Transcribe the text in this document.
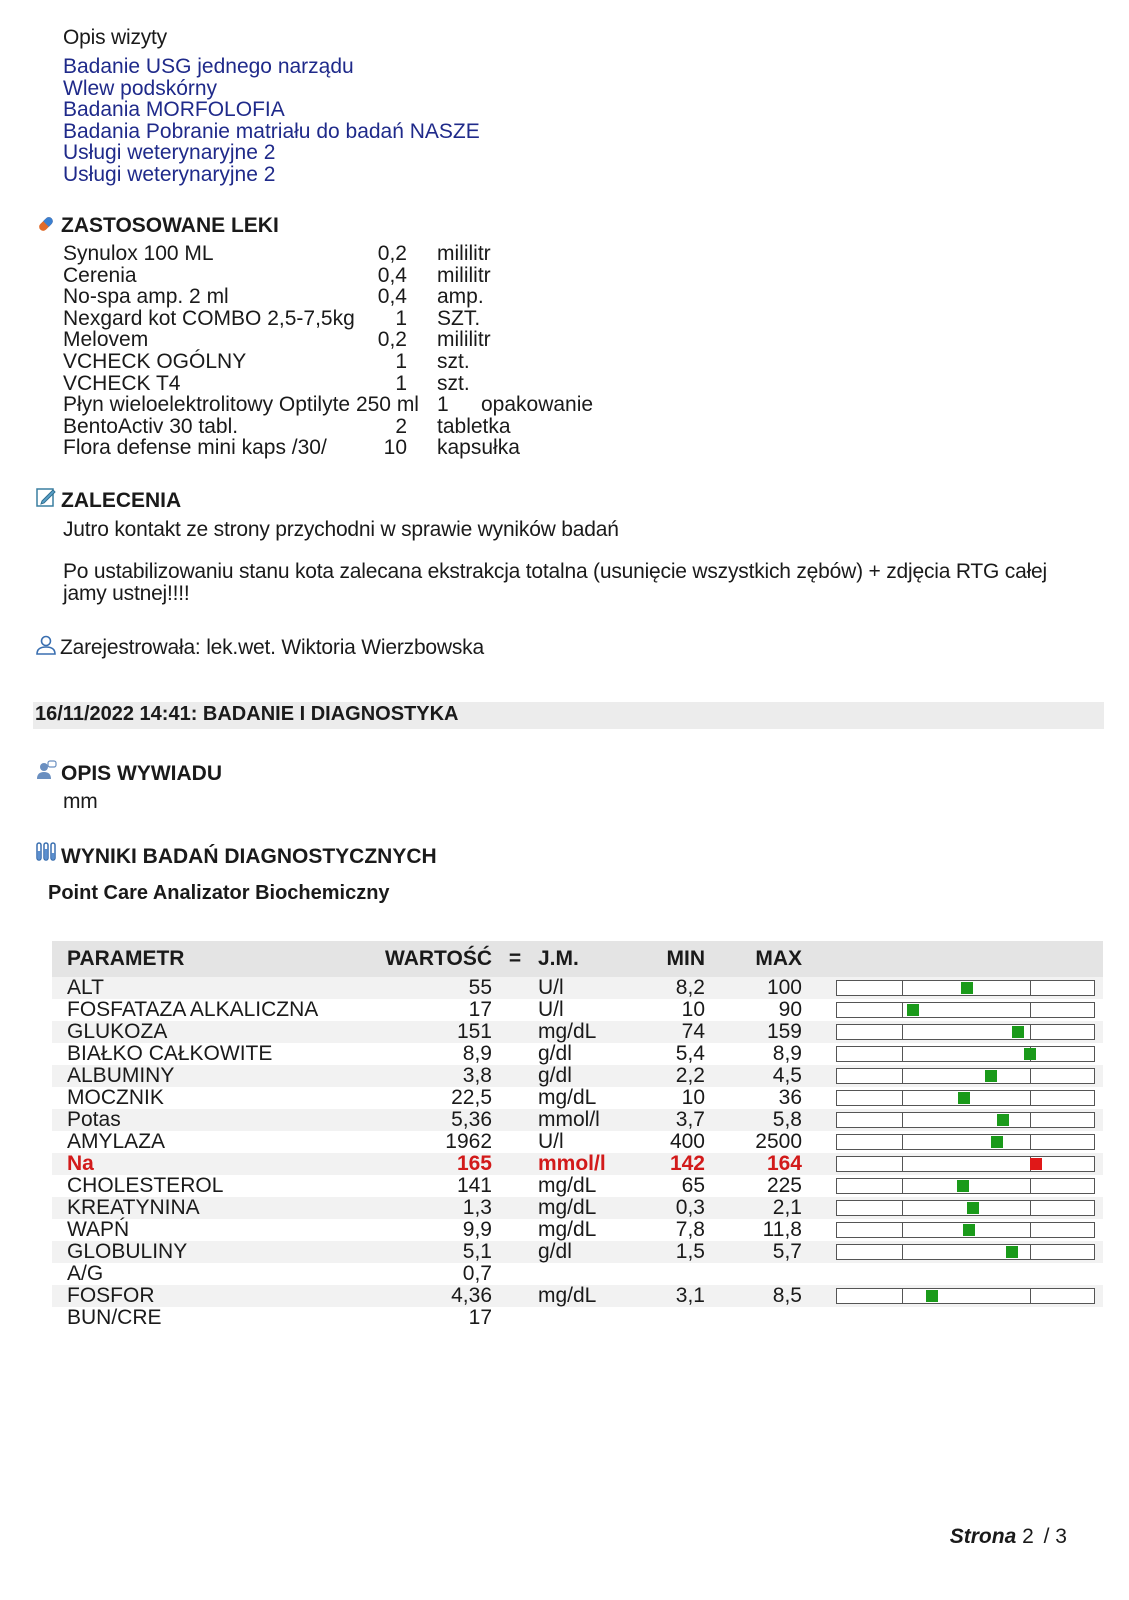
Opis wizyty
Badanie USG jednego narządu
Wlew podskórny
Badania MORFOLOFIA
Badania Pobranie matriału do badań NASZE
Usługi weterynaryjne 2
Usługi weterynaryjne 2
ZASTOSOWANE LEKI
Synulox 100 ML	0,2 mililitr
Cerenia	0,4 mililitr
No-spa amp. 2 ml	0,4 amp.
Nexgard kot COMBO 2,5-7,5kg	1 SZT.
Melovem	0,2 mililitr
VCHECK OGÓLNY	1 szt.
VCHECK T4	1 szt.
Płyn wieloelektrolitowy Optilyte 250 ml 1	opakowanie
BentoActiv 30 tabl.	2 tabletka
Flora defense mini kaps /30/	10 kapsułka
ZALECENIA
Jutro kontakt ze strony przychodni w sprawie wyników badań
Po ustabilizowaniu stanu kota zalecana ekstrakcja totalna (usunięcie wszystkich zębów) + zdjęcia RTG całej jamy ustnej!!!!
Zarejestrowała: lek.wet. Wiktoria Wierzbowska
16/11/2022 14:41: BADANIE I DIAGNOSTYKA
OPIS WYWIADU
mm
WYNIKI BADAŃ DIAGNOSTYCZNYCH
Point Care Analizator Biochemiczny
PARAMETR	WARTOŚĆ	=	J.M.	MIN	MAX	
ALT	55		U/l	8,2	100	

FOSFATAZA ALKALICZNA	17		U/l	10	90	

GLUKOZA	151		mg/dL	74	159	

BIAŁKO CAŁKOWITE	8,9		g/dl	5,4	8,9	

ALBUMINY	3,8		g/dl	2,2	4,5	

MOCZNIK	22,5		mg/dL	10	36	

Potas	5,36		mmol/l	3,7	5,8	

AMYLAZA	1962		U/l	400	2500	

Na	165		mmol/l	142	164	

CHOLESTEROL	141		mg/dL	65	225	

KREATYNINA	1,3		mg/dL	0,3	2,1	

WAPŃ	9,9		mg/dL	7,8	11,8	

GLOBULINY	5,1		g/dl	1,5	5,7	

A/G	0,7					
FOSFOR	4,36		mg/dL	3,1	8,5	

BUN/CRE	17					
Strona 2 / 3
